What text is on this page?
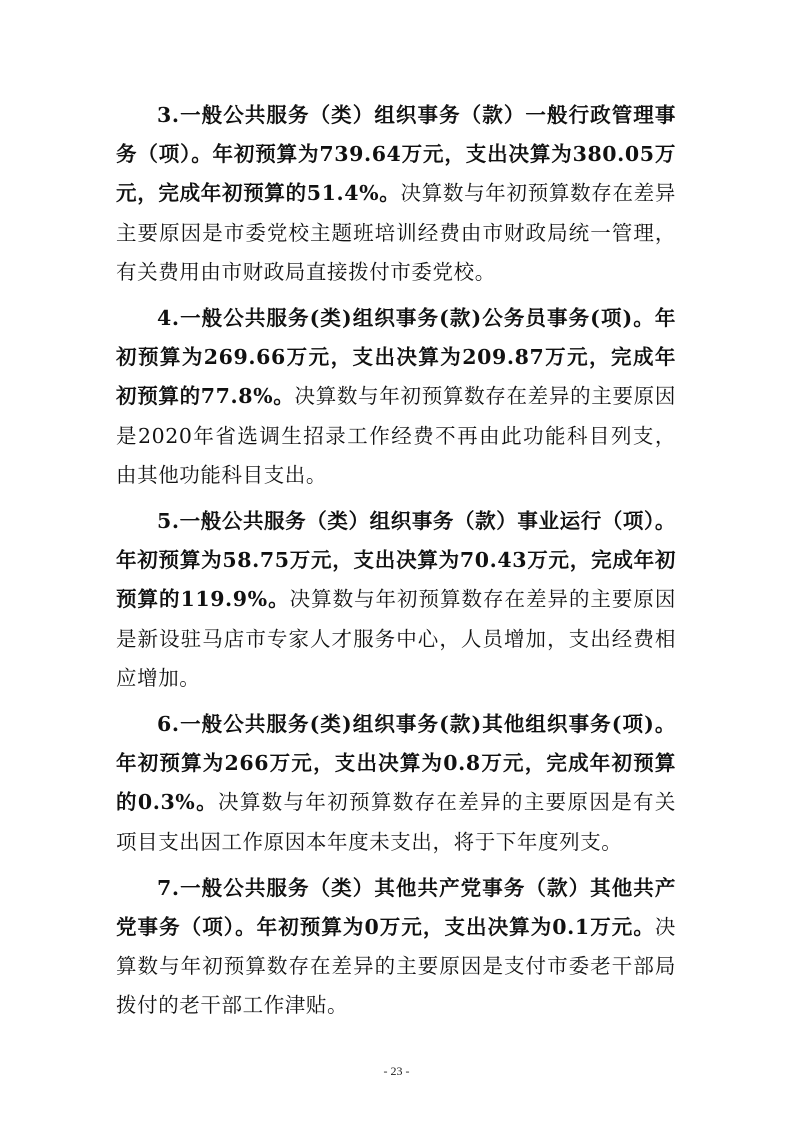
3.一般公共服务（类）组织事务（款）一般行政管理事务（项）。年初预算为739.64万元，支出决算为380.05万元，完成年初预算的51.4%。决算数与年初预算数存在差异主要原因是市委党校主题班培训经费由市财政局统一管理，有关费用由市财政局直接拨付市委党校。

4.一般公共服务(类)组织事务(款)公务员事务(项)。年初预算为269.66万元，支出决算为209.87万元，完成年初预算的77.8%。决算数与年初预算数存在差异的主要原因是2020年省选调生招录工作经费不再由此功能科目列支，由其他功能科目支出。

5.一般公共服务（类）组织事务（款）事业运行（项）。年初预算为58.75万元，支出决算为70.43万元，完成年初预算的119.9%。决算数与年初预算数存在差异的主要原因是新设驻马店市专家人才服务中心，人员增加，支出经费相应增加。

6.一般公共服务(类)组织事务(款)其他组织事务(项)。年初预算为266万元，支出决算为0.8万元，完成年初预算的0.3%。决算数与年初预算数存在差异的主要原因是有关项目支出因工作原因本年度未支出，将于下年度列支。

7.一般公共服务（类）其他共产党事务（款）其他共产党事务（项）。年初预算为0万元，支出决算为0.1万元。决算数与年初预算数存在差异的主要原因是支付市委老干部局拨付的老干部工作津贴。

- 23 -
